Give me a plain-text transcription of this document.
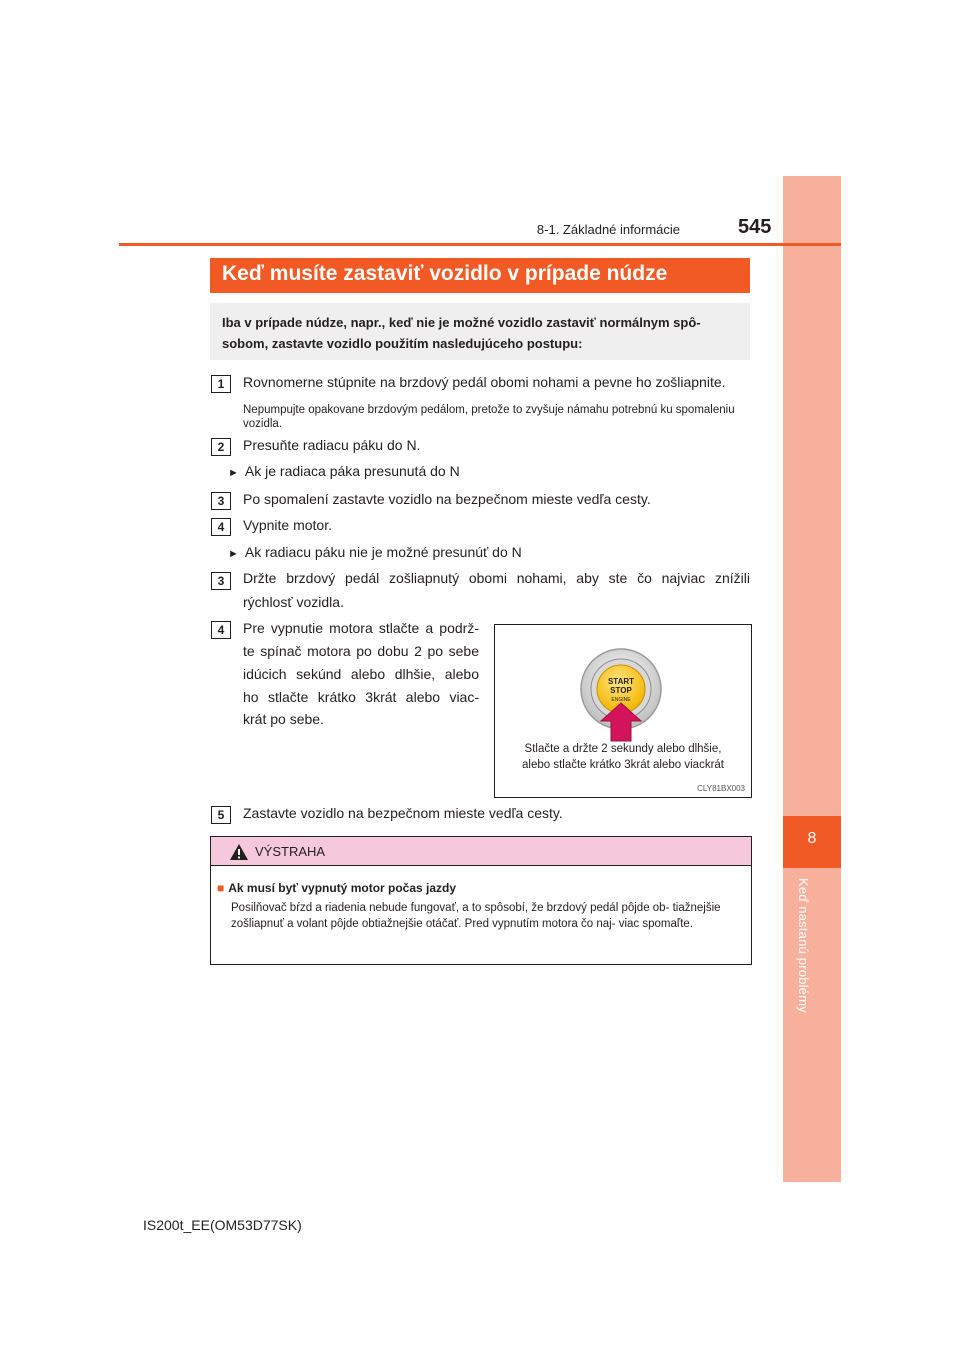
8
Keď nastanú problémy
8-1. Základné informácie	545
Keď musíte zastaviť vozidlo v prípade núdze

Iba v prípade núdze, napr., keď nie je možné vozidlo zastaviť normálnym spô- sobom, zastavte vozidlo použitím nasledujúceho postupu:

1	Rovnomerne stúpnite na brzdový pedál obomi nohami a pevne ho zošliapnite.
Nepumpujte opakovane brzdovým pedálom, pretože to zvyšuje námahu potrebnú ku spomaleniu vozidla.
2	Presuňte radiacu páku do N.
► Ak je radiaca páka presunutá do N
3	Po spomalení zastavte vozidlo na bezpečnom mieste vedľa cesty.
4	Vypnite motor.
► Ak radiacu páku nie je možné presunúť do N
3	Držte brzdový pedál zošliapnutý obomi nohami, aby ste čo najviac znížili
rýchlosť vozidla.
4	Pre vypnutie motora stlačte a podrž-
te spínač motora po dobu 2 po sebe
idúcich sekúnd alebo dlhšie, alebo
ho stlačte krátko 3krát alebo viac-
krát po sebe.
START
STOP
ENGINE
Stlačte a držte 2 sekundy alebo dlhšie,
alebo stlačte krátko 3krát alebo viackrát
CLY81BX003
5	Zastavte vozidlo na bezpečnom mieste vedľa cesty.
VÝSTRAHA
■ Ak musí byť vypnutý motor počas jazdy
Posilňovač bŕzd a riadenia nebude fungovať, a to spôsobí, že brzdový pedál pôjde ob- tiažnejšie zošliapnuť a volant pôjde obtiažnejšie otáčať. Pred vypnutím motora čo naj- viac spomaľte.
IS200t_EE(OM53D77SK)
